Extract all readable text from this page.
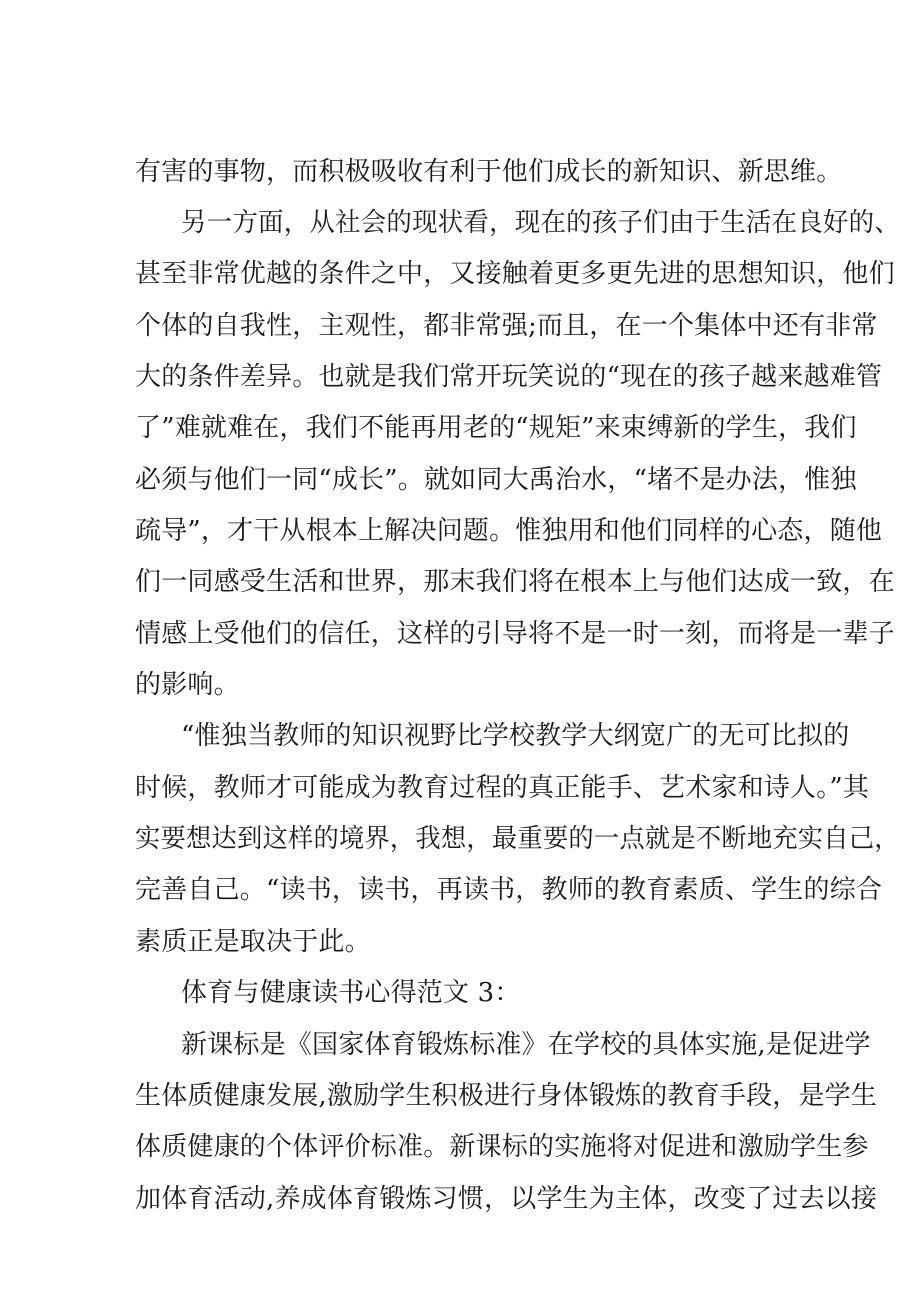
有害的事物，而积极吸收有利于他们成长的新知识、新思维。
另一方面，从社会的现状看，现在的孩子们由于生活在良好的、
甚至非常优越的条件之中，又接触着更多更先进的思想知识，他们
个体的自我性，主观性，都非常强;而且，在一个集体中还有非常
大的条件差异。也就是我们常开玩笑说的“现在的孩子越来越难管
了”难就难在，我们不能再用老的“规矩”来束缚新的学生，我们
必须与他们一同“成长”。就如同大禹治水，“堵不是办法，惟独
疏导”，才干从根本上解决问题。惟独用和他们同样的心态，随他
们一同感受生活和世界，那末我们将在根本上与他们达成一致，在
情感上受他们的信任，这样的引导将不是一时一刻，而将是一辈子
的影响。
“惟独当教师的知识视野比学校教学大纲宽广的无可比拟的
时候，教师才可能成为教育过程的真正能手、艺术家和诗人。”其
实要想达到这样的境界，我想，最重要的一点就是不断地充实自己，
完善自己。“读书，读书，再读书，教师的教育素质、学生的综合
素质正是取决于此。
体育与健康读书心得范文 3：
新课标是《国家体育锻炼标准》在学校的具体实施,是促进学
生体质健康发展,激励学生积极进行身体锻炼的教育手段，是学生
体质健康的个体评价标准。新课标的实施将对促进和激励学生参
加体育活动,养成体育锻炼习惯，以学生为主体，改变了过去以接
